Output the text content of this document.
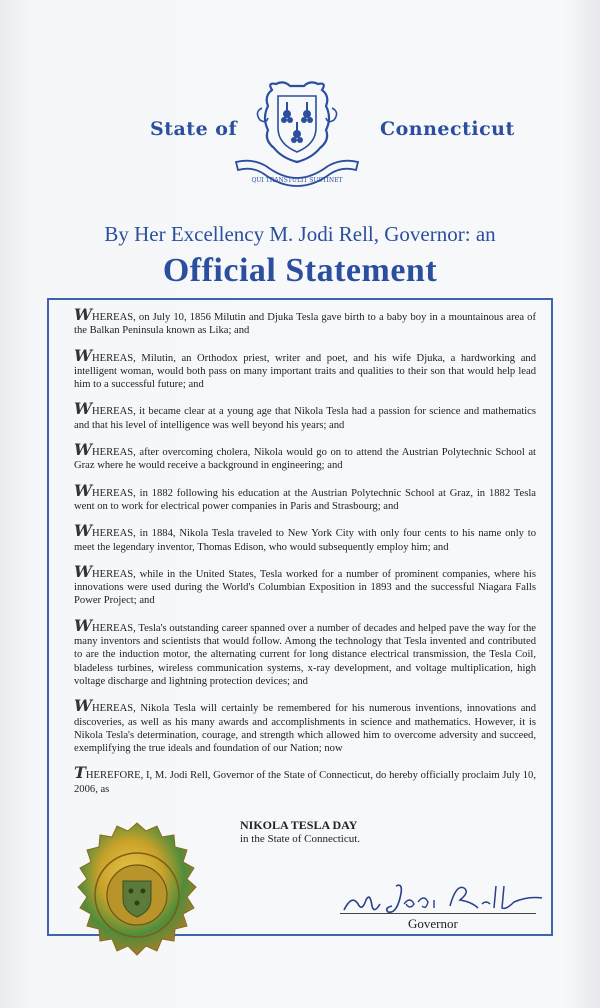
State of
QUI TRANSTULIT SUSTINET
Connecticut
By Her Excellency M. Jodi Rell, Governor: an
Official Statement

WHEREAS, on July 10, 1856 Milutin and Djuka Tesla gave birth to a baby boy in a mountainous area of the Balkan Peninsula known as Lika; and

WHEREAS, Milutin, an Orthodox priest, writer and poet, and his wife Djuka, a hardworking and intelligent woman, would both pass on many important traits and qualities to their son that would help lead him to a successful future; and

WHEREAS, it became clear at a young age that Nikola Tesla had a passion for science and mathematics and that his level of intelligence was well beyond his years; and

WHEREAS, after overcoming cholera, Nikola would go on to attend the Austrian Polytechnic School at Graz where he would receive a background in engineering; and

WHEREAS, in 1882 following his education at the Austrian Polytechnic School at Graz, in 1882 Tesla went on to work for electrical power companies in Paris and Strasbourg; and

WHEREAS, in 1884, Nikola Tesla traveled to New York City with only four cents to his name only to meet the legendary inventor, Thomas Edison, who would subsequently employ him; and

WHEREAS, while in the United States, Tesla worked for a number of prominent companies, where his innovations were used during the World's Columbian Exposition in 1893 and the successful Niagara Falls Power Project; and

WHEREAS, Tesla's outstanding career spanned over a number of decades and helped pave the way for the many inventors and scientists that would follow. Among the technology that Tesla invented and contributed to are the induction motor, the alternating current for long distance electrical transmission, the Tesla Coil, bladeless turbines, wireless communication systems, x-ray development, and voltage multiplication, high voltage discharge and lightning protection devices; and

WHEREAS, Nikola Tesla will certainly be remembered for his numerous inventions, innovations and discoveries, as well as his many awards and accomplishments in science and mathematics. However, it is Nikola Tesla's determination, courage, and strength which allowed him to overcome adversity and succeed, exemplifying the true ideals and foundation of our Nation; now

THEREFORE, I, M. Jodi Rell, Governor of the State of Connecticut, do hereby officially proclaim July 10, 2006, as

NIKOLA TESLA DAY
in the State of Connecticut.
Governor
